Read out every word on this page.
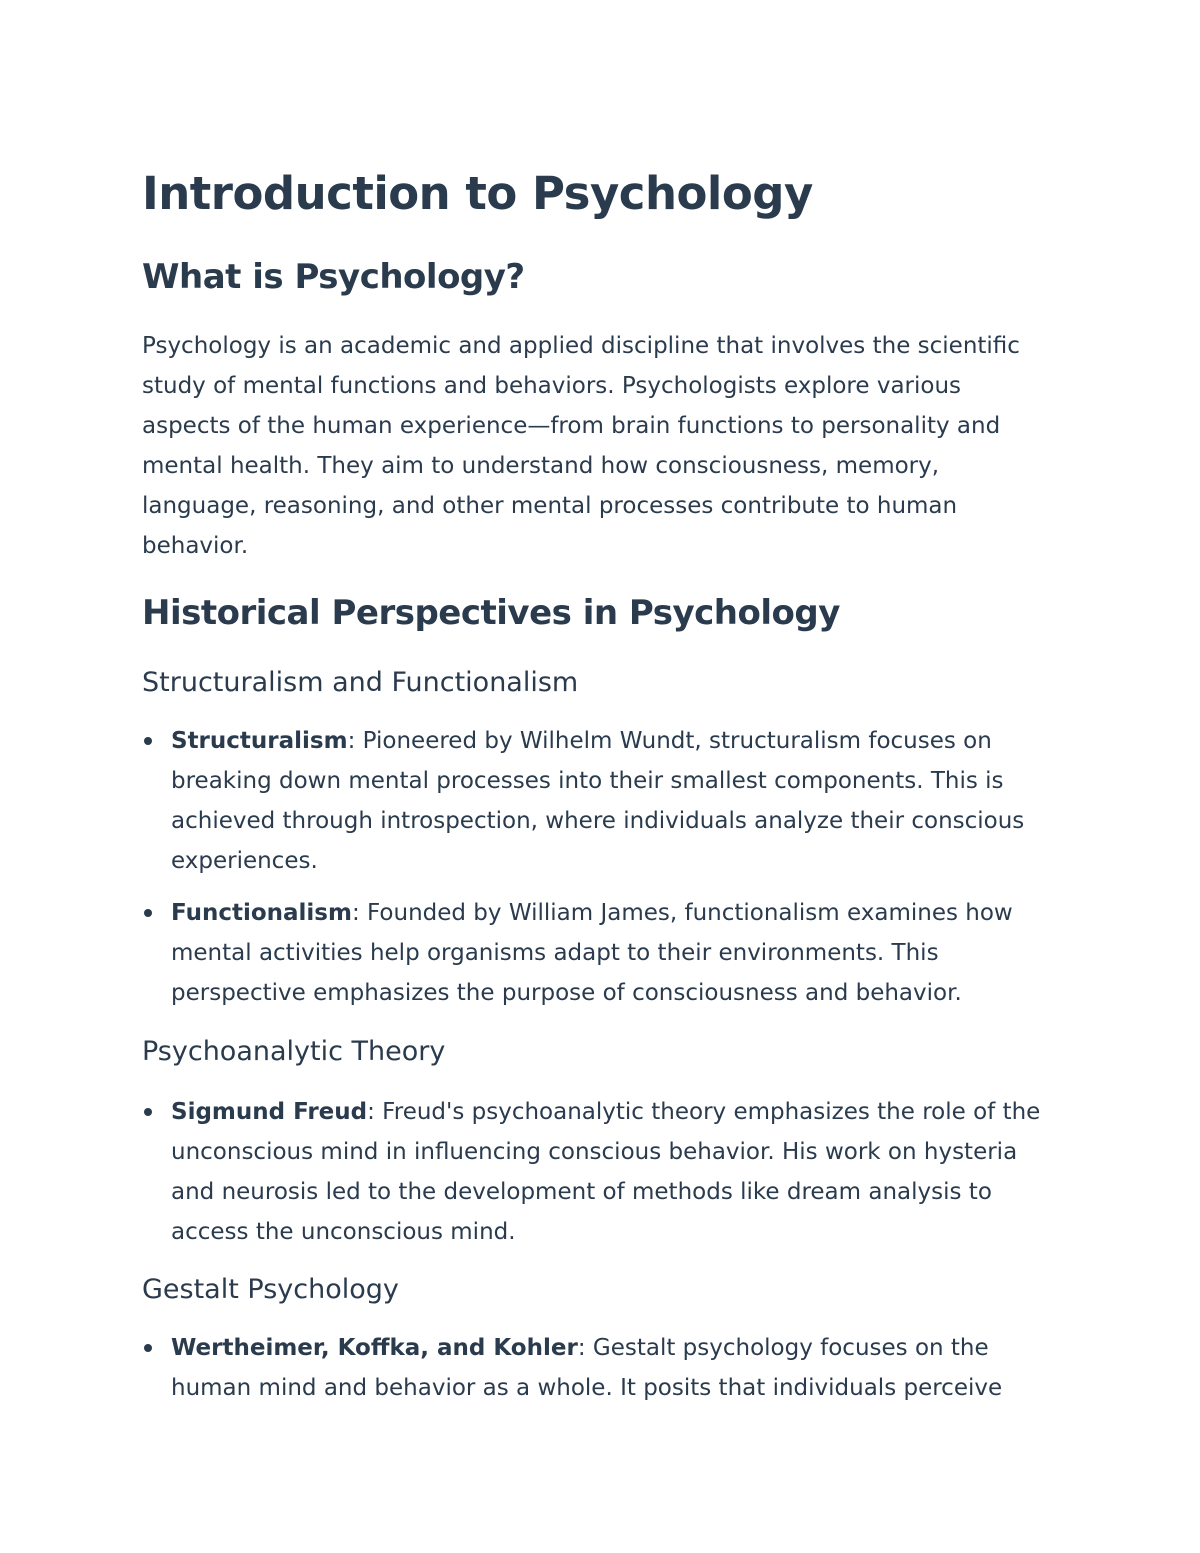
Introduction to Psychology
What is Psychology?

Psychology is an academic and applied discipline that involves the scientific study of mental functions and behaviors. Psychologists explore various aspects of the human experience—from brain functions to personality and mental health. They aim to understand how consciousness, memory, language, reasoning, and other mental processes contribute to human behavior.

Historical Perspectives in Psychology
Structuralism and Functionalism
Structuralism: Pioneered by Wilhelm Wundt, structuralism focuses on breaking down mental processes into their smallest components. This is achieved through introspection, where individuals analyze their conscious experiences.
Functionalism: Founded by William James, functionalism examines how mental activities help organisms adapt to their environments. This perspective emphasizes the purpose of consciousness and behavior.
Psychoanalytic Theory
Sigmund Freud: Freud's psychoanalytic theory emphasizes the role of the unconscious mind in influencing conscious behavior. His work on hysteria and neurosis led to the development of methods like dream analysis to access the unconscious mind.
Gestalt Psychology
Wertheimer, Koffka, and Kohler: Gestalt psychology focuses on the human mind and behavior as a whole. It posits that individuals perceive
